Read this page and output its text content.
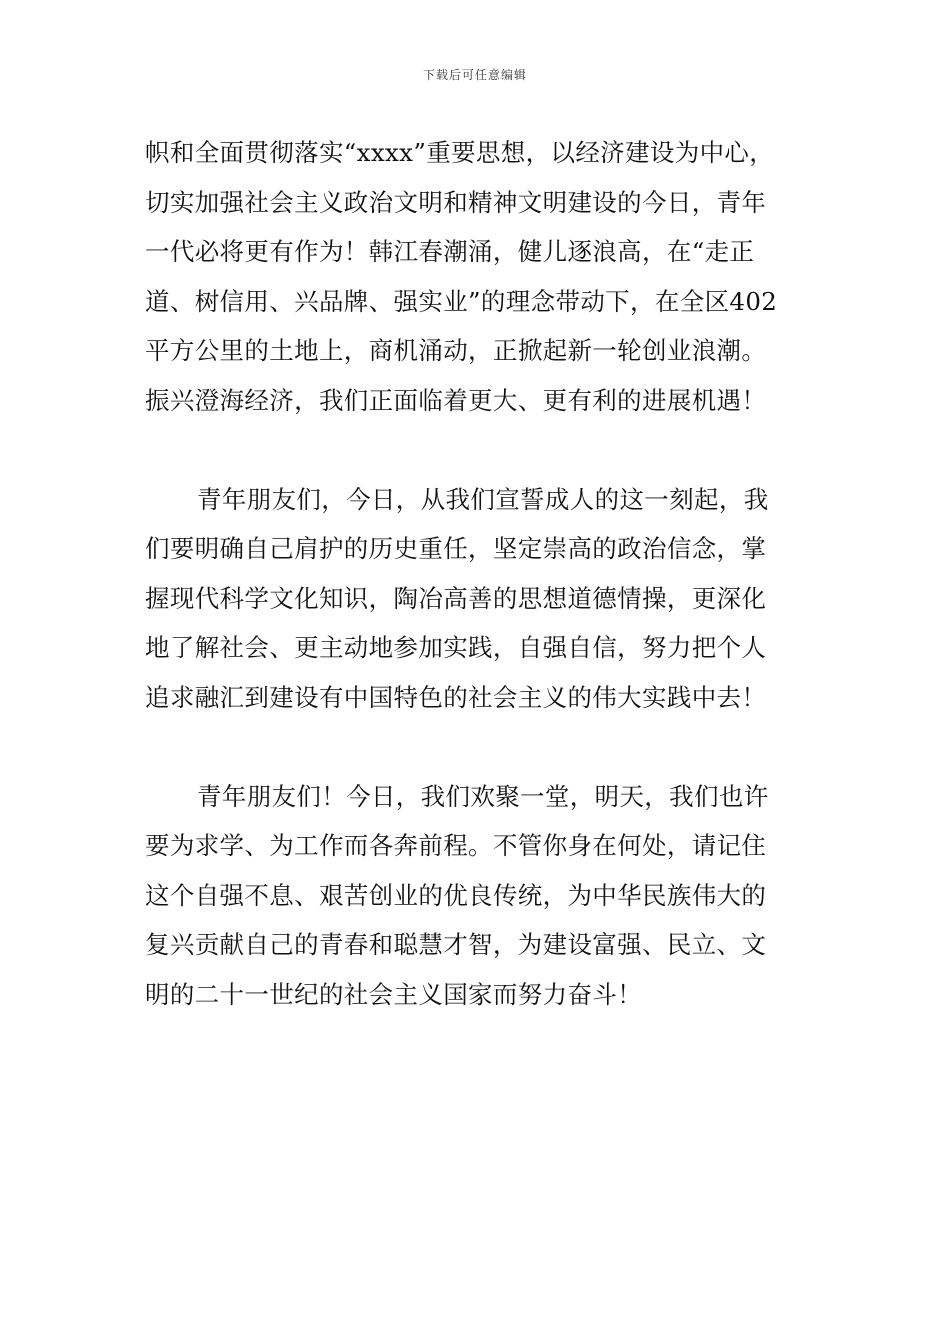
下载后可任意编辑
帜和全面贯彻落实“xxxx”重要思想，以经济建设为中心，
切实加强社会主义政治文明和精神文明建设的今日，青年
一代必将更有作为！韩江春潮涌，健儿逐浪高，在“走正
道、树信用、兴品牌、强实业”的理念带动下，在全区402
平方公里的土地上，商机涌动，正掀起新一轮创业浪潮。
振兴澄海经济，我们正面临着更大、更有利的进展机遇！
青年朋友们，今日，从我们宣誓成人的这一刻起，我
们要明确自己肩护的历史重任，坚定崇高的政治信念，掌
握现代科学文化知识，陶冶高善的思想道德情操，更深化
地了解社会、更主动地参加实践，自强自信，努力把个人
追求融汇到建设有中国特色的社会主义的伟大实践中去！
青年朋友们！今日，我们欢聚一堂，明天，我们也许
要为求学、为工作而各奔前程。不管你身在何处，请记住
这个自强不息、艰苦创业的优良传统，为中华民族伟大的
复兴贡献自己的青春和聪慧才智，为建设富强、民立、文
明的二十一世纪的社会主义国家而努力奋斗！
